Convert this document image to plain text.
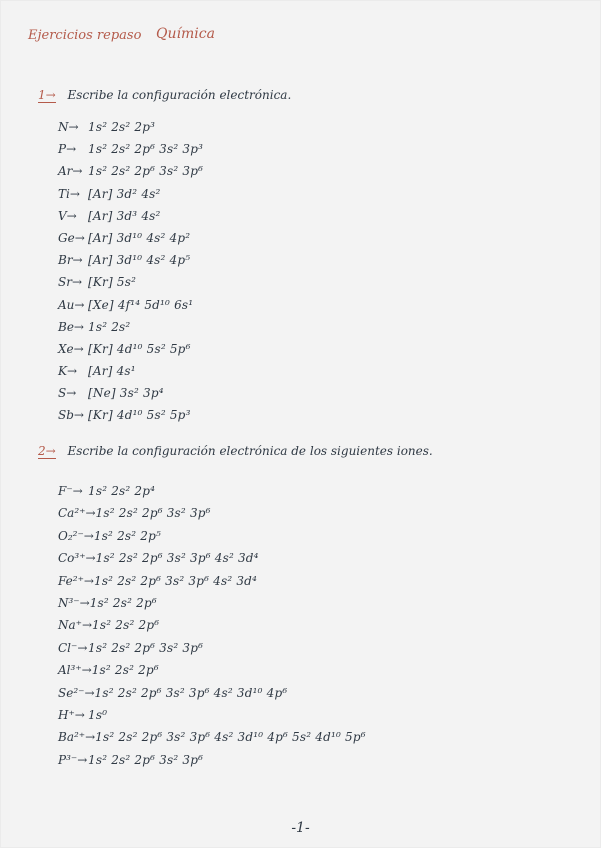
Ejercicios repaso Química
1→ Escribe la configuración electrónica.
N→ 1s² 2s² 2p³
P→ 1s² 2s² 2p⁶ 3s² 3p³
Ar→ 1s² 2s² 2p⁶ 3s² 3p⁶
Ti→ [Ar] 3d² 4s²
V→ [Ar] 3d³ 4s²
Ge→ [Ar] 3d¹⁰ 4s² 4p²
Br→ [Ar] 3d¹⁰ 4s² 4p⁵
Sr→ [Kr] 5s²
Au→ [Xe] 4f¹⁴ 5d¹⁰ 6s¹
Be→ 1s² 2s²
Xe→ [Kr] 4d¹⁰ 5s² 5p⁶
K→ [Ar] 4s¹
S→ [Ne] 3s² 3p⁴
Sb→ [Kr] 4d¹⁰ 5s² 5p³
2→ Escribe la configuración electrónica de los siguientes iones.
F⁻→ 1s² 2s² 2p⁴
Ca²⁺→1s² 2s² 2p⁶ 3s² 3p⁶
O₂²⁻→1s² 2s² 2p⁵
Co³⁺→1s² 2s² 2p⁶ 3s² 3p⁶ 4s² 3d⁴
Fe²⁺→1s² 2s² 2p⁶ 3s² 3p⁶ 4s² 3d⁴
N³⁻→1s² 2s² 2p⁶
Na⁺→1s² 2s² 2p⁶
Cl⁻→1s² 2s² 2p⁶ 3s² 3p⁶
Al³⁺→1s² 2s² 2p⁶
Se²⁻→1s² 2s² 2p⁶ 3s² 3p⁶ 4s² 3d¹⁰ 4p⁶
H⁺→ 1s⁰
Ba²⁺→1s² 2s² 2p⁶ 3s² 3p⁶ 4s² 3d¹⁰ 4p⁶ 5s² 4d¹⁰ 5p⁶
P³⁻→1s² 2s² 2p⁶ 3s² 3p⁶
-1-
